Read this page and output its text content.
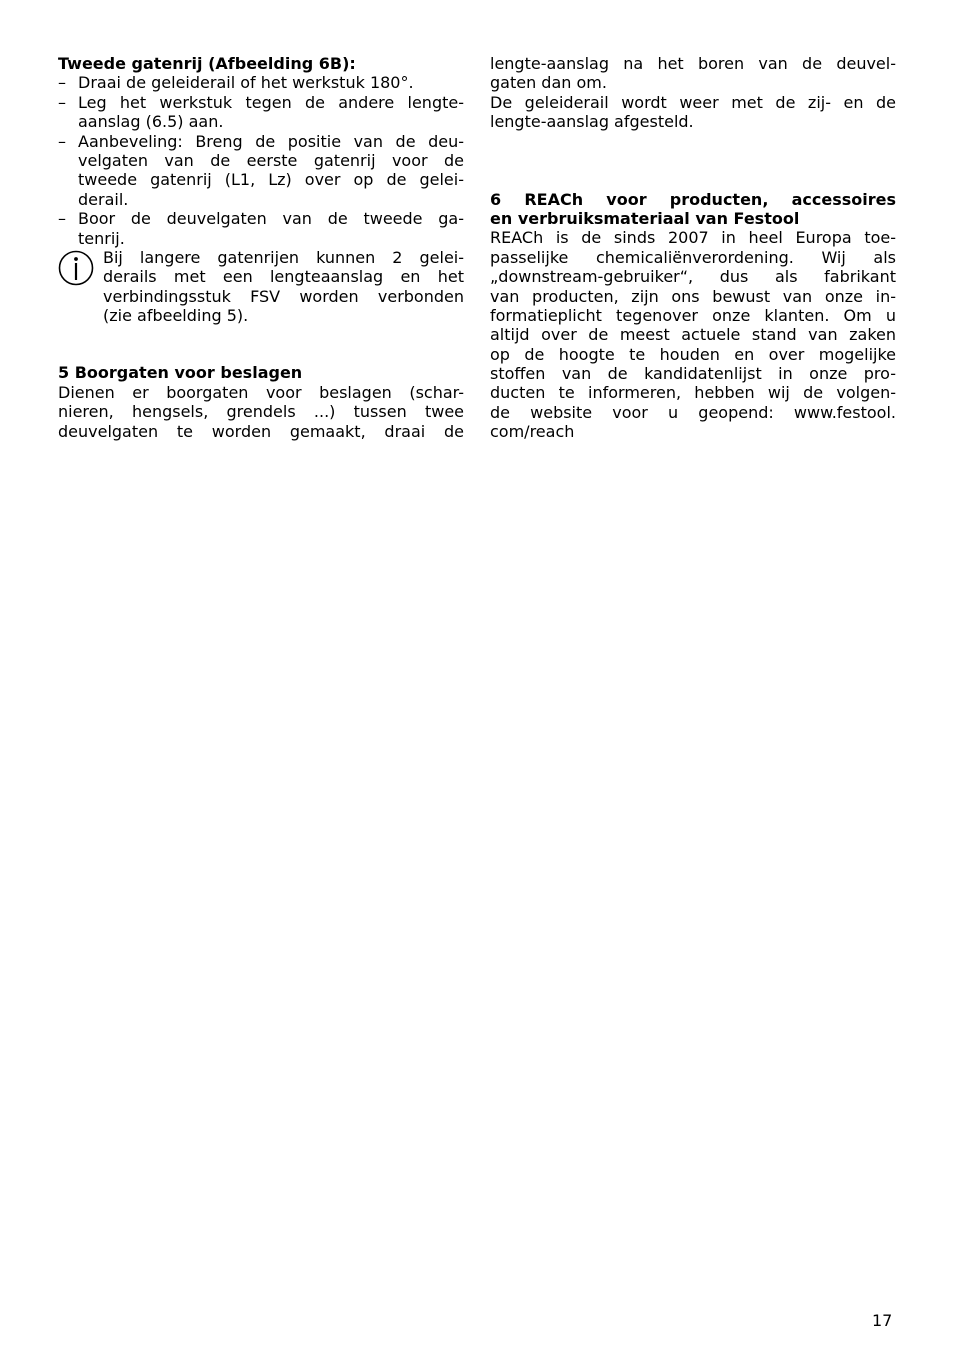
Tweede gatenrij (Afbeelding 6B):
– Draai de geleiderail of het werkstuk 180°.
– Leg het werkstuk tegen de andere lengte-
aanslag (6.5) aan.
– Aanbeveling: Breng de positie van de deu-
velgaten van de eerste gatenrij voor de
tweede gatenrij (L1, Lz) over op de gelei-
derail.
– Boor de deuvelgaten van de tweede ga-
tenrij.
Bij langere gatenrijen kunnen 2 gelei-
derails met een lengteaanslag en het
verbindingsstuk FSV worden verbonden
(zie afbeelding 5).
5 Boorgaten voor beslagen
Dienen er boorgaten voor beslagen (schar-
nieren, hengsels, grendels ...) tussen twee
deuvelgaten te worden gemaakt, draai de
lengte-aanslag na het boren van de deuvel-
gaten dan om.
De geleiderail wordt weer met de zij- en de
lengte-aanslag afgesteld.
6 REACh voor producten, accessoires
en verbruiksmateriaal van Festool
REACh is de sinds 2007 in heel Europa toe-
passelijke chemicaliënverordening. Wij als
„downstream-gebruiker“, dus als fabrikant
van producten, zijn ons bewust van onze in-
formatieplicht tegenover onze klanten. Om u
altijd over de meest actuele stand van zaken
op de hoogte te houden en over mogelijke
stoffen van de kandidatenlijst in onze pro-
ducten te informeren, hebben wij de volgen-
de website voor u geopend: www.festool.
com/reach
17
